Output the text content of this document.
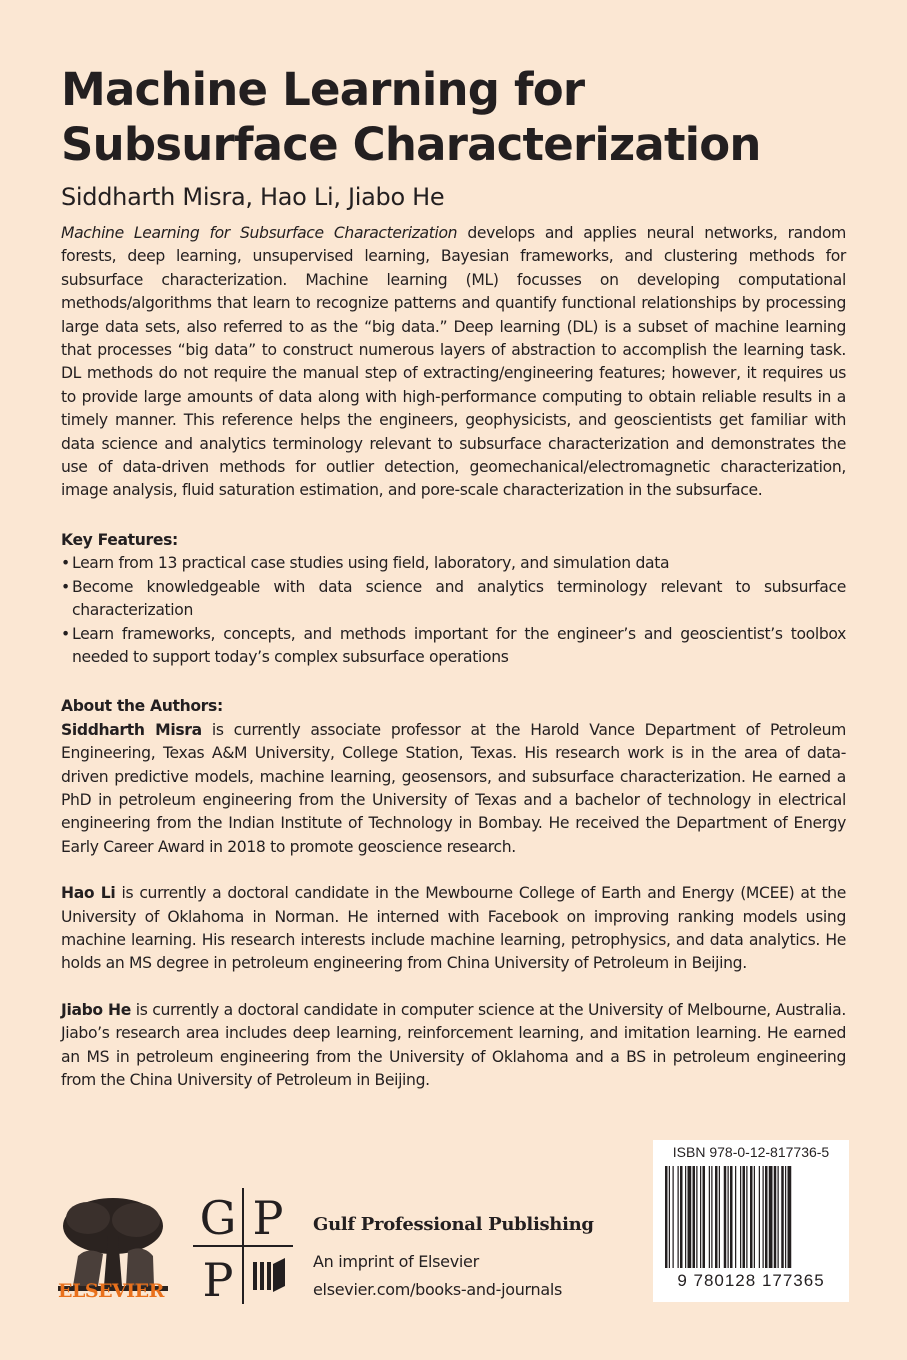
Machine Learning for
Subsurface Characterization
Siddharth Misra, Hao Li, Jiabo He

Machine Learning for Subsurface Characterization develops and applies neural networks, random forests, deep learning, unsupervised learning, Bayesian frameworks, and clustering methods for subsurface characterization. Machine learning (ML) focusses on developing computational methods/algorithms that learn to recognize patterns and quantify functional relationships by processing large data sets, also referred to as the “big data.” Deep learning (DL) is a subset of machine learning that processes “big data” to construct numerous layers of abstraction to accomplish the learning task. DL methods do not require the manual step of extracting/engineering features; however, it requires us to provide large amounts of data along with high-performance computing to obtain reliable results in a timely manner. This reference helps the engineers, geophysicists, and geoscientists get familiar with data science and analytics terminology relevant to subsurface characterization and demonstrates the use of data-driven methods for outlier detection, geomechanical/electromagnetic characterization, image analysis, fluid saturation estimation, and pore-scale characterization in the subsurface.

Key Features:
• Learn from 13 practical case studies using field, laboratory, and simulation data
• Become knowledgeable with data science and analytics terminology relevant to subsurface characterization
• Learn frameworks, concepts, and methods important for the engineer’s and geoscientist’s toolbox needed to support today’s complex subsurface operations
About the Authors:

Siddharth Misra is currently associate professor at the Harold Vance Department of Petroleum Engineering, Texas A&M University, College Station, Texas. His research work is in the area of data-driven predictive models, machine learning, geosensors, and subsurface characterization. He earned a PhD in petroleum engineering from the University of Texas and a bachelor of technology in electrical engineering from the Indian Institute of Technology in Bombay. He received the Department of Energy Early Career Award in 2018 to promote geoscience research.

Hao Li is currently a doctoral candidate in the Mewbourne College of Earth and Energy (MCEE) at the University of Oklahoma in Norman. He interned with Facebook on improving ranking models using machine learning. His research interests include machine learning, petrophysics, and data analytics. He holds an MS degree in petroleum engineering from China University of Petroleum in Beijing.

Jiabo He is currently a doctoral candidate in computer science at the University of Melbourne, Australia. Jiabo’s research area includes deep learning, reinforcement learning, and imitation learning. He earned an MS in petroleum engineering from the University of Oklahoma and a BS in petroleum engineering from the China University of Petroleum in Beijing.

ISBN 978-0-12-817736-5
9 780128 177365
ELSEVIER
G P
P
Gulf Professional Publishing
An imprint of Elsevier
elsevier.com/books-and-journals
